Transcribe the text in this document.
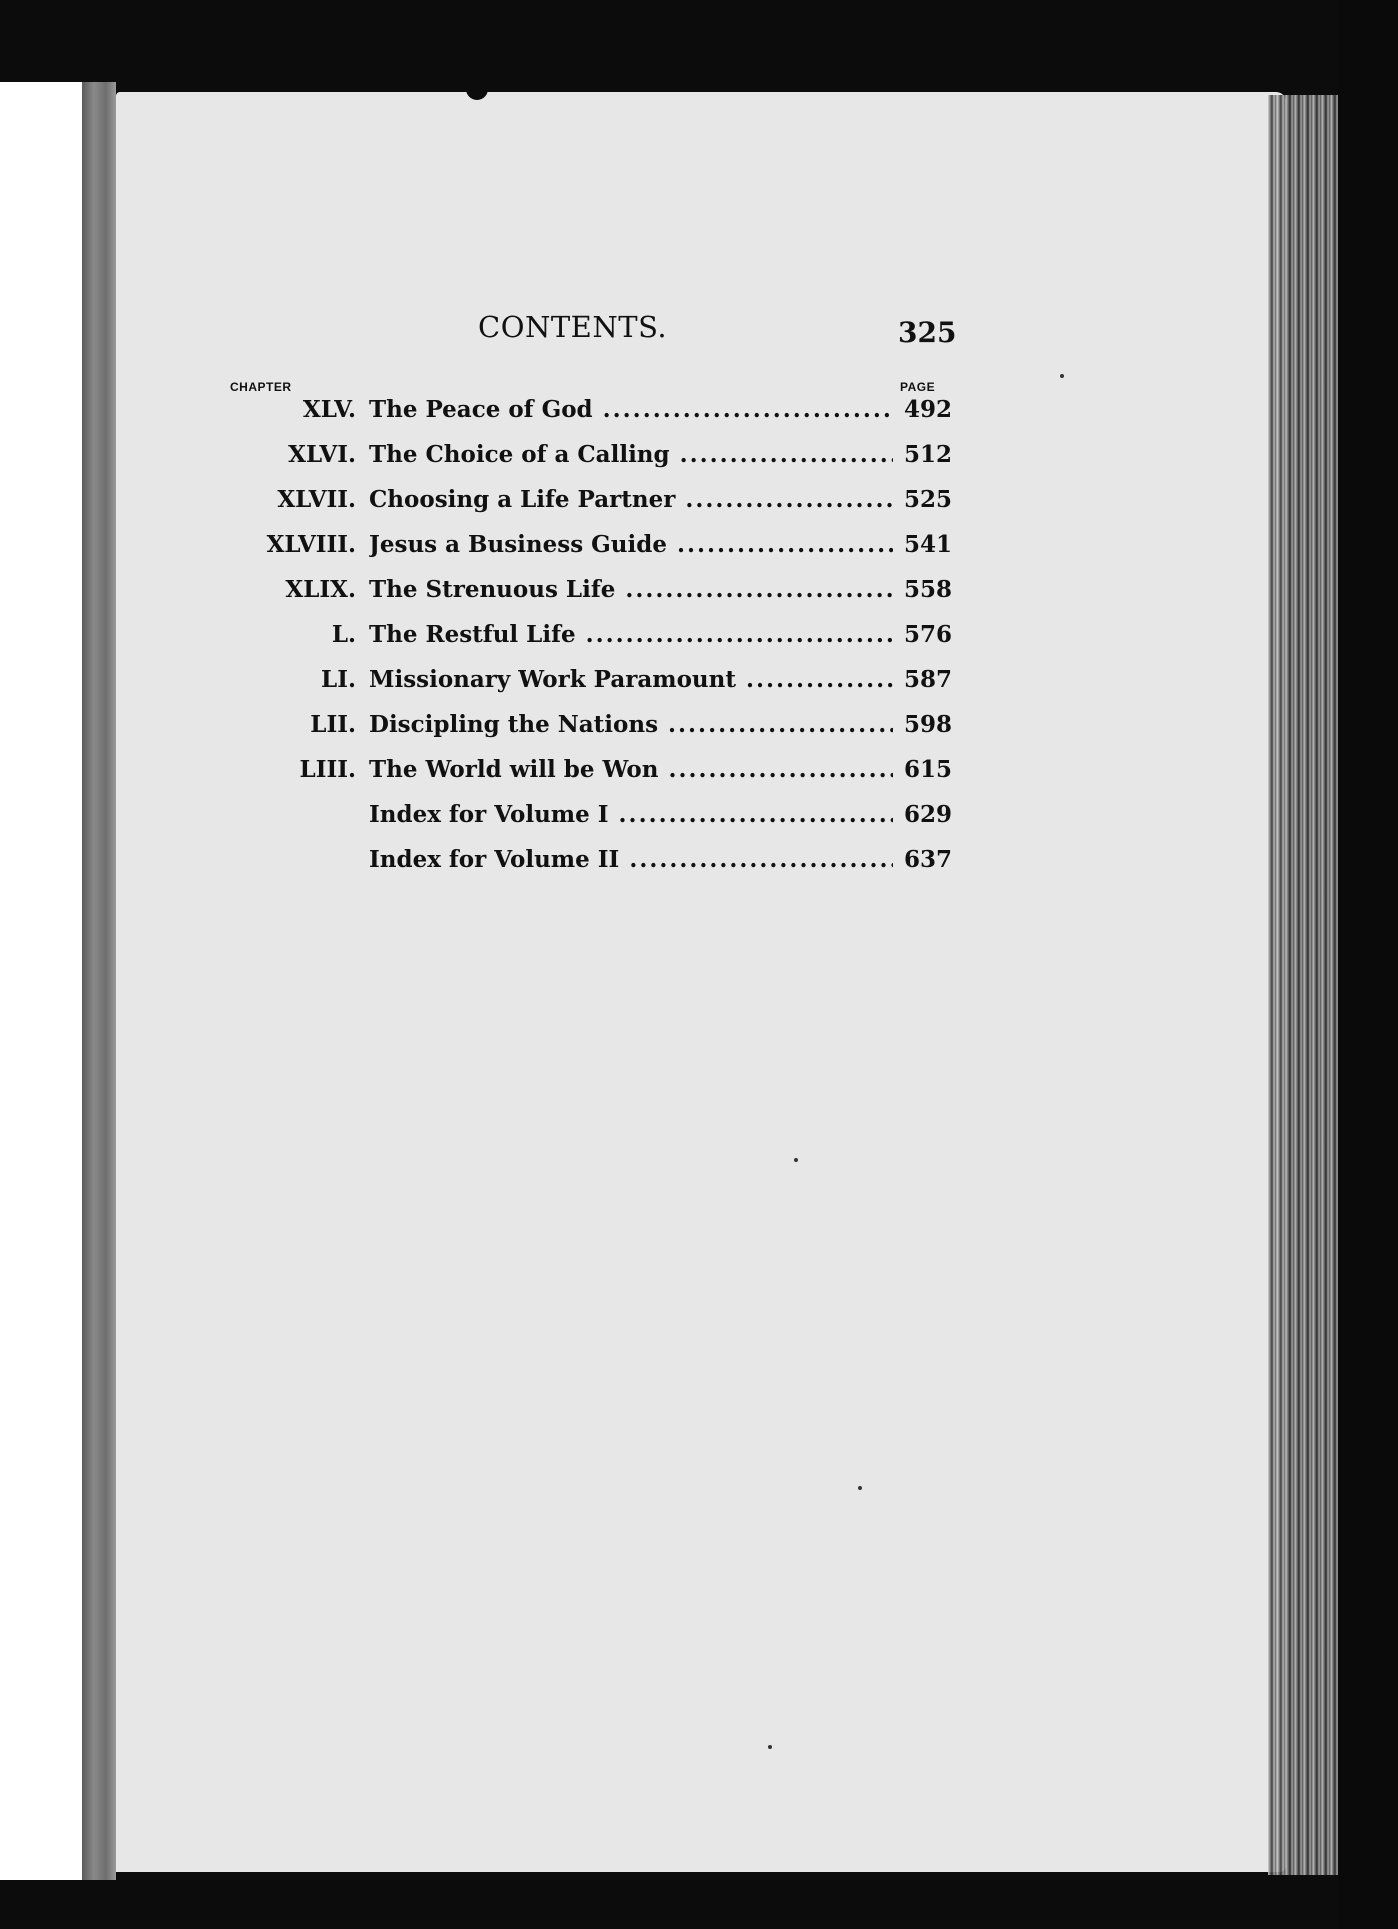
CONTENTS.	325
CHAPTER	PAGE
XLV. The Peace of God .....	492
XLVI. The Choice of a Calling .....	512
XLVII. Choosing a Life Partner .....	525
XLVIII. Jesus a Business Guide .....	541
XLIX. The Strenuous Life .....	558
L. The Restful Life .....	576
LI. Missionary Work Paramount .....	587
LII. Discipling the Nations .....	598
LIII. The World will be Won .....	615
Index for Volume I .....	629
Index for Volume II .....	637
